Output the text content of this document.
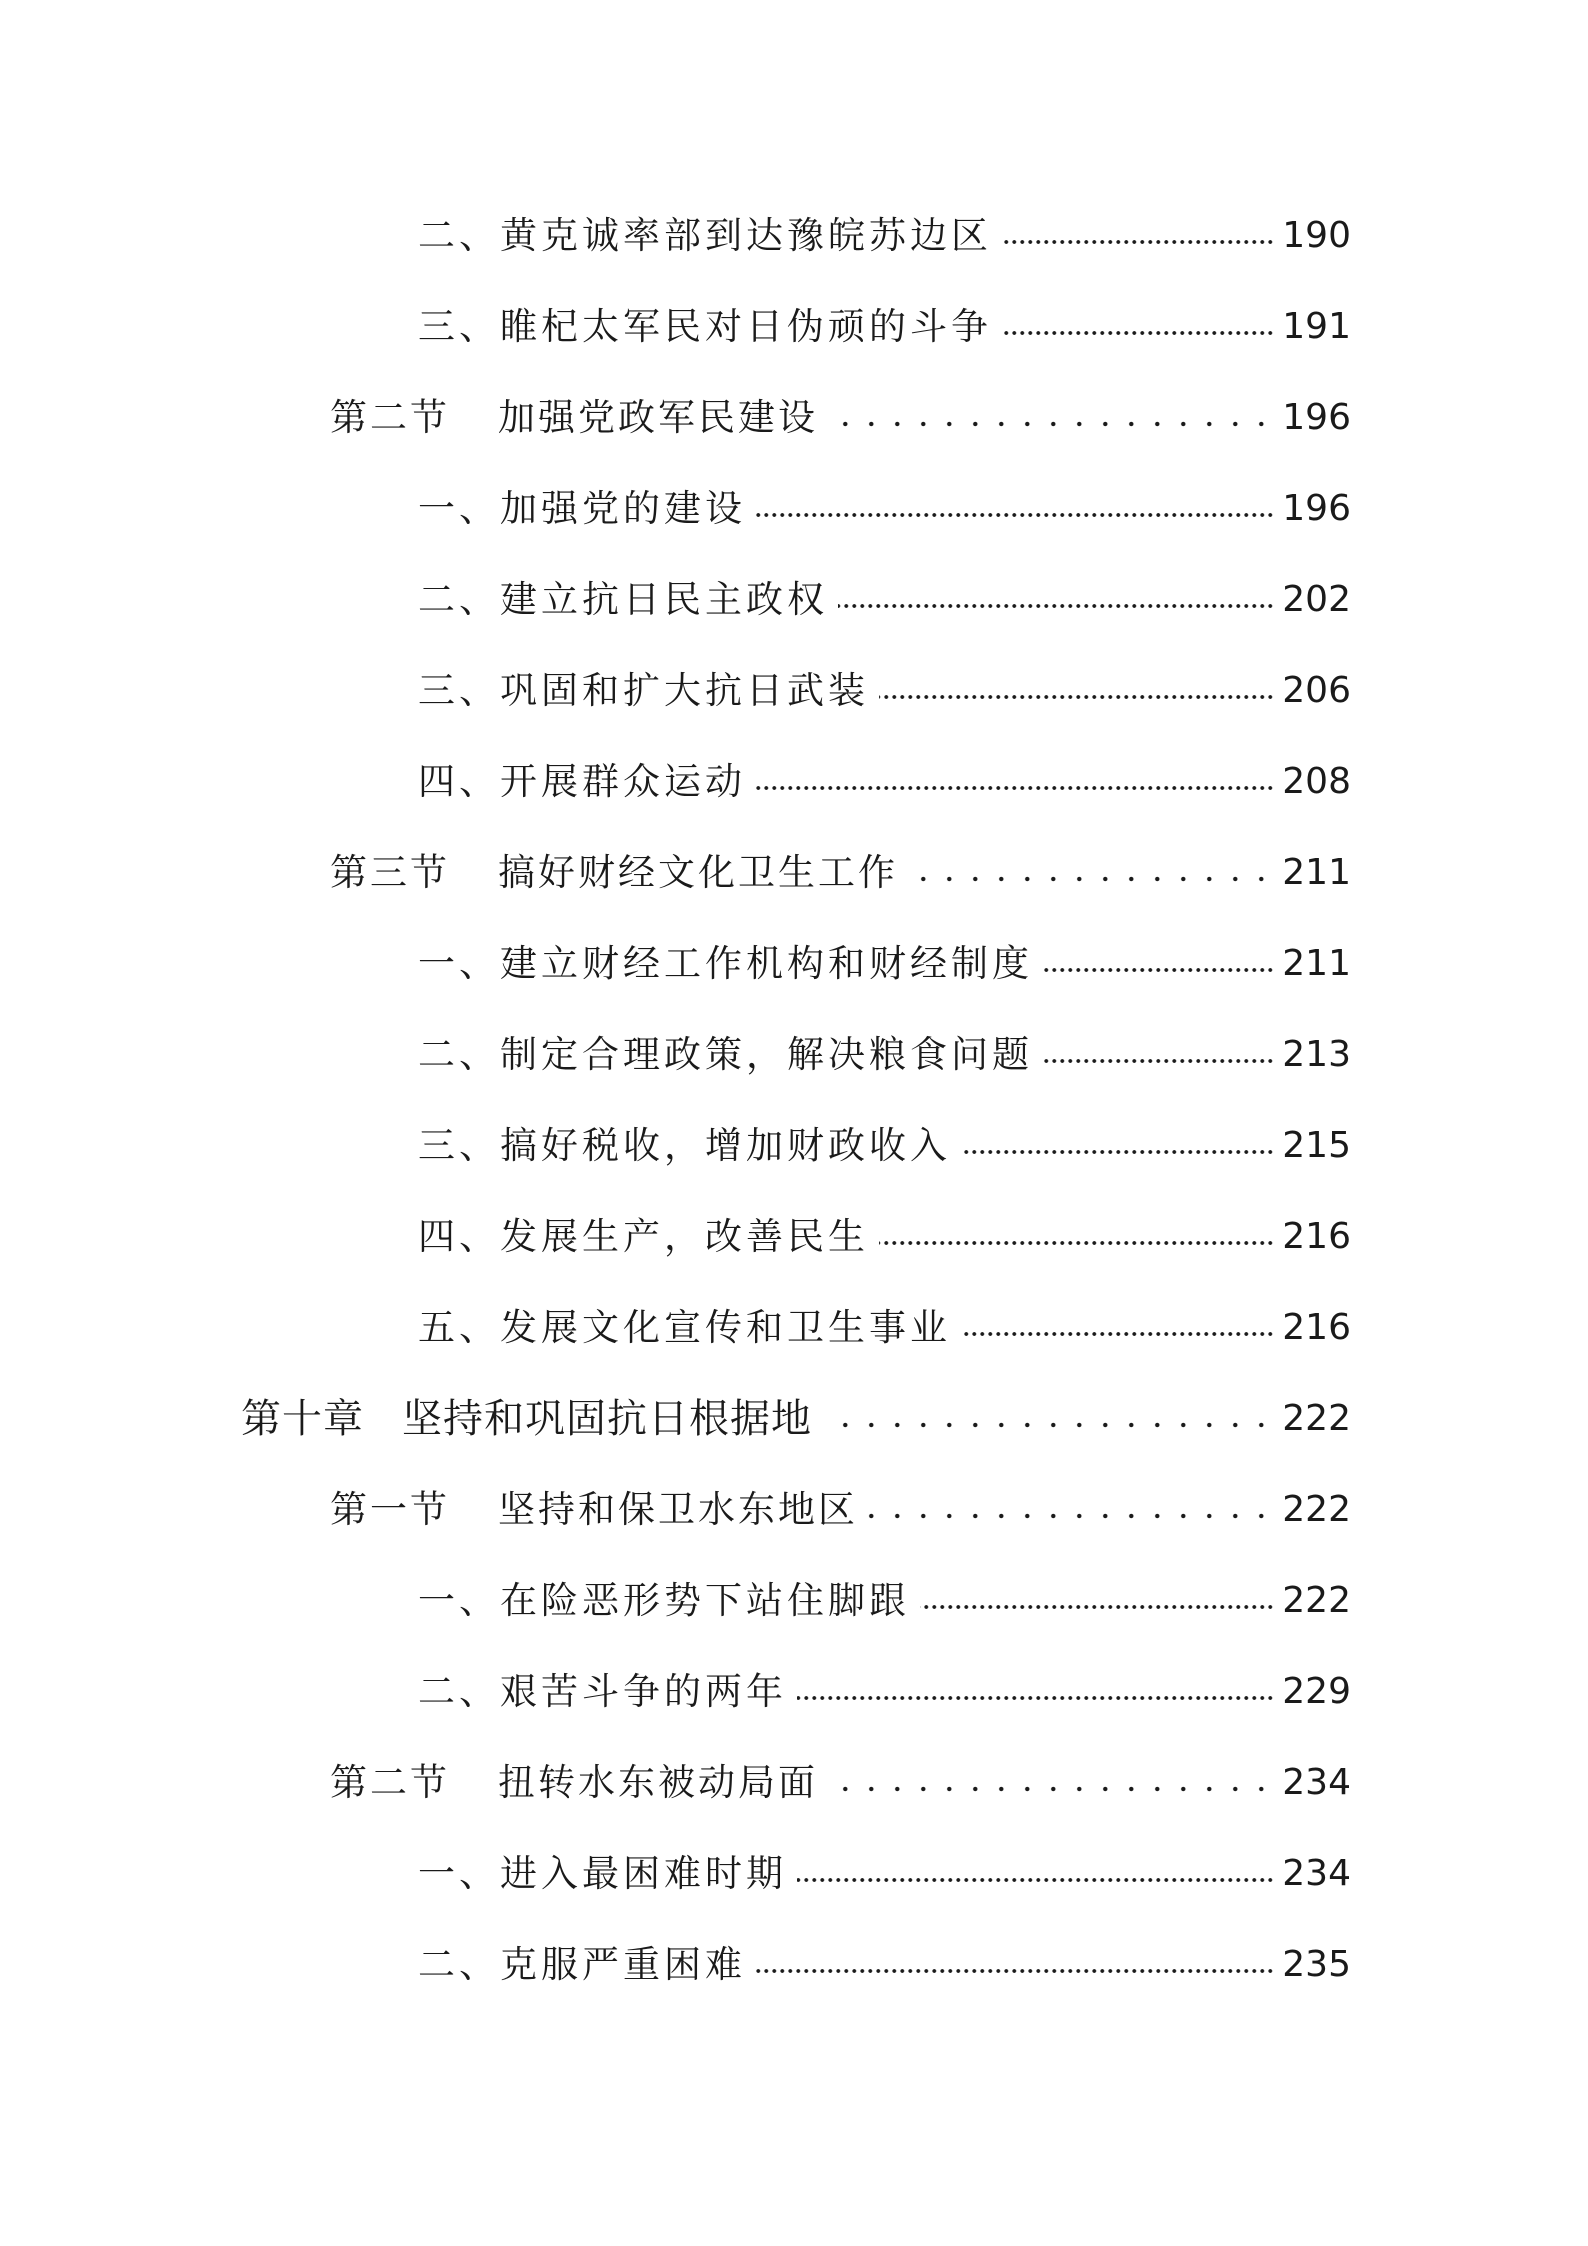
二、黄克诚率部到达豫皖苏边区	190
三、睢杞太军民对日伪顽的斗争	191
第二节 加强党政军民建设	196
一、加强党的建设	196
二、建立抗日民主政权	202
三、巩固和扩大抗日武装	206
四、开展群众运动	208
第三节 搞好财经文化卫生工作	211
一、建立财经工作机构和财经制度	211
二、制定合理政策，解决粮食问题	213
三、搞好税收，增加财政收入	215
四、发展生产，改善民生	216
五、发展文化宣传和卫生事业	216
第十章 坚持和巩固抗日根据地	222
第一节 坚持和保卫水东地区	222
一、在险恶形势下站住脚跟	222
二、艰苦斗争的两年	229
第二节 扭转水东被动局面	234
一、进入最困难时期	234
二、克服严重困难	235
